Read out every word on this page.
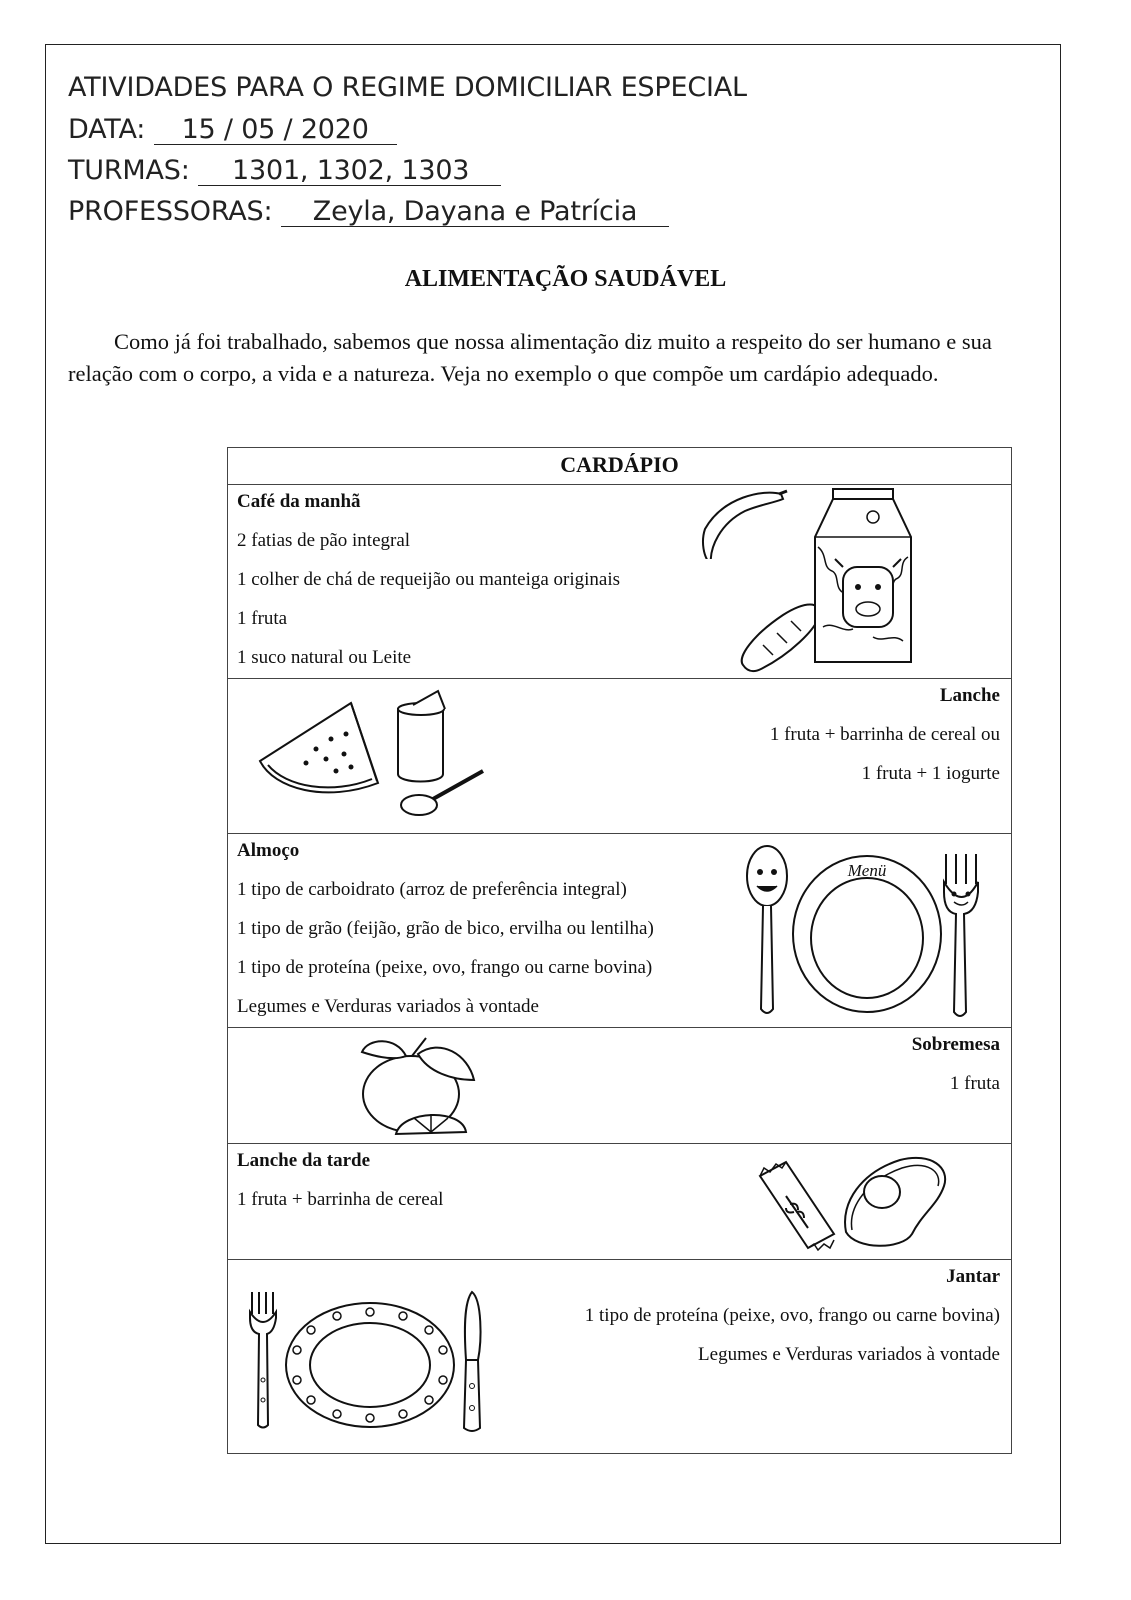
ATIVIDADES PARA O REGIME DOMICILIAR ESPECIAL
DATA: 15 / 05 / 2020
TURMAS: 1301, 1302, 1303
PROFESSORAS: Zeyla, Dayana e Patrícia
ALIMENTAÇÃO SAUDÁVEL
Como já foi trabalhado, sabemos que nossa alimentação diz muito a respeito do ser humano e sua relação com o corpo, a vida e a natureza. Veja no exemplo o que compõe um cardápio adequado.
CARDÁPIO

Café da manhã
2 fatias de pão integral
1 colher de chá de requeijão ou manteiga originais
1 fruta
1 suco natural ou Leite

Lanche
1 fruta + barrinha de cereal ou
1 fruta + 1 iogurte

Almoço
1 tipo de carboidrato (arroz de preferência integral)
1 tipo de grão (feijão, grão de bico, ervilha ou lentilha)
1 tipo de proteína (peixe, ovo, frango ou carne bovina)
Legumes e Verduras variados à vontade
Menü

Sobremesa
1 fruta

Lanche da tarde
1 fruta + barrinha de cereal

Jantar
1 tipo de proteína (peixe, ovo, frango ou carne bovina)
Legumes e Verduras variados à vontade
